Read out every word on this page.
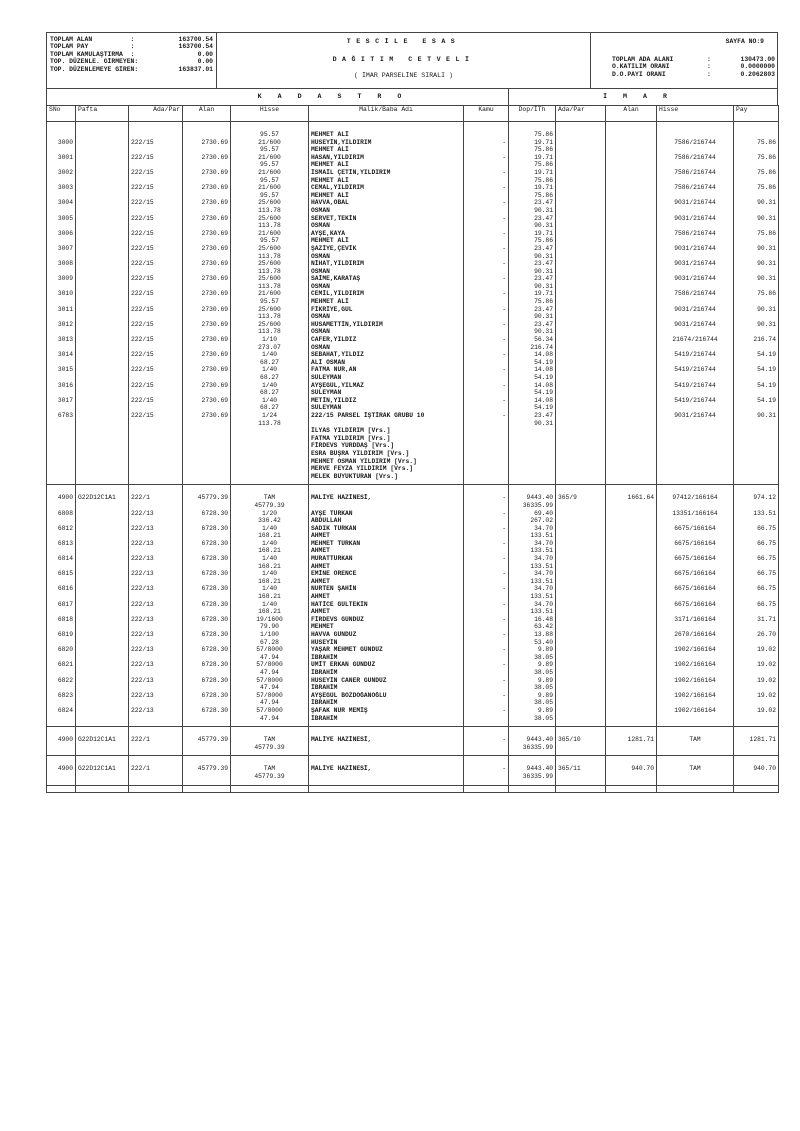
TOPLAM ALAN          :	163700.54
TOPLAM PAY           :	163700.54
TOPLAM KAMULAŞTIRMA  :	0.00
TOP. DÜZENLE. GİRMEYEN:	0.00
TOP. DÜZENLEMEYE GİREN:	163837.01
TESCİLE ESAS
DAĞITIM CETVELİ
( İMAR PARSELİNE SIRALI )
SAYFA NO:9
TOPLAM ADA ALANI	:	130473.00
O.KATILIM ORANI	:	0.0000000
D.O.PAYI ORANI	:	0.2062803
KADASTRO	İMAR
SNo	Pafta	Ada/Par	Alan	Hisse	Malik/Baba Adı	Kamu	Dop/İTh	Ada/Par	Alan	Hisse	Pay
				95.57	MEHMET ALİ		75.86				
3000		222/15	2730.69	21/600	HÜSEYİN,YILDIRIM	-	19.71			7586/216744	75.86
				95.57	MEHMET ALİ		75.86				
3001		222/15	2730.69	21/600	HASAN,YILDIRIM	-	19.71			7586/216744	75.86
				95.57	MEHMET ALİ		75.86				
3002		222/15	2730.69	21/600	İSMAİL ÇETİN,YILDIRIM	-	19.71			7586/216744	75.86
				95.57	MEHMET ALİ		75.86				
3003		222/15	2730.69	21/600	CEMAL,YILDIRIM	-	19.71			7586/216744	75.86
				95.57	MEHMET ALİ		75.86				
3004		222/15	2730.69	25/600	HAVVA,OBAL	-	23.47			9031/216744	90.31
				113.78	OSMAN		90.31				
3005		222/15	2730.69	25/600	SERVET,TEKİN	-	23.47			9031/216744	90.31
				113.78	OSMAN		90.31				
3006		222/15	2730.69	21/600	AYŞE,KAYA	-	19.71			7586/216744	75.86
				95.57	MEHMET ALİ		75.86				
3007		222/15	2730.69	25/600	ŞAZİYE,ÇEVİK	-	23.47			9031/216744	90.31
				113.78	OSMAN		90.31				
3008		222/15	2730.69	25/600	NİHAT,YILDIRIM	-	23.47			9031/216744	90.31
				113.78	OSMAN		90.31				
3009		222/15	2730.69	25/600	SAİME,KARATAŞ	-	23.47			9031/216744	90.31
				113.78	OSMAN		90.31				
3010		222/15	2730.69	21/600	CEMİL,YILDIRIM	-	19.71			7586/216744	75.86
				95.57	MEHMET ALİ		75.86				
3011		222/15	2730.69	25/600	FİKRİYE,GÜL	-	23.47			9031/216744	90.31
				113.78	OSMAN		90.31				
3012		222/15	2730.69	25/600	HÜSAMETTİN,YILDIRIM	-	23.47			9031/216744	90.31
				113.78	OSMAN		90.31				
3013		222/15	2730.69	1/10	CAFER,YILDIZ	-	56.34			21674/216744	216.74
				273.07	OSMAN		216.74				
3014		222/15	2730.69	1/40	SEBAHAT,YILDIZ	-	14.08			5419/216744	54.19
				68.27	ALİ OSMAN		54.19				
3015		222/15	2730.69	1/40	FATMA NUR,AN	-	14.08			5419/216744	54.19
				68.27	SÜLEYMAN		54.19				
3016		222/15	2730.69	1/40	AYŞEGÜL,YILMAZ	-	14.08			5419/216744	54.19
				68.27	SÜLEYMAN		54.19				
3017		222/15	2730.69	1/40	METİN,YILDIZ	-	14.08			5419/216744	54.19
				68.27	SÜLEYMAN		54.19				
6783		222/15	2730.69	1/24	222/15 PARSEL İŞTİRAK GRUBU 10	-	23.47			9031/216744	90.31
				113.78			90.31				

					İLYAS YILDIRIM [Vrs.]						
					FATMA YILDIRIM [Vrs.]						
					FİRDEVS YURDDAŞ [Vrs.]						
					ESRA BÜŞRA YILDIRIM [Vrs.]						
					MEHMET OSMAN YILDIRIM [Vrs.]						
					MERVE FEYZA YILDIRIM [Vrs.]						
					MELEK BÜYÜKTURAN [Vrs.]						

4900	G22D12C1A1	222/1	45779.39	TAM	MALİYE HAZİNESİ,	-	9443.40	365/9	1661.64	97412/166164	974.12
				45779.39			36335.99				
6808		222/13	6728.30	1/20	AYŞE TÜRKAN	-	69.40			13351/166164	133.51
				336.42	ABDULLAH		267.02				
6812		222/13	6728.30	1/40	SADIK TÜRKAN	-	34.70			6675/166164	66.75
				168.21	AHMET		133.51				
6813		222/13	6728.30	1/40	MEHMET TÜRKAN	-	34.70			6675/166164	66.75
				168.21	AHMET		133.51				
6814		222/13	6728.30	1/40	MURATTÜRKAN	-	34.70			6675/166164	66.75
				168.21	AHMET		133.51				
6815		222/13	6728.30	1/40	EMİNE ÖRENCE	-	34.70			6675/166164	66.75
				168.21	AHMET		133.51				
6816		222/13	6728.30	1/40	NURTEN ŞAHİN	-	34.70			6675/166164	66.75
				168.21	AHMET		133.51				
6817		222/13	6728.30	1/40	HATİCE GÜLTEKİN	-	34.70			6675/166164	66.75
				168.21	AHMET		133.51				
6818		222/13	6728.30	19/1600	FİRDEVS GÜNDÜZ	-	16.48			3171/166164	31.71
				79.90	MEHMET		63.42				
6819		222/13	6728.30	1/100	HAVVA GÜNDÜZ	-	13.88			2670/166164	26.70
				67.28	HÜSEYİN		53.40				
6820		222/13	6728.30	57/8000	YAŞAR MEHMET GÜNDÜZ	-	9.89			1902/166164	19.02
				47.94	İBRAHİM		38.05				
6821		222/13	6728.30	57/8000	ÜMİT ERKAN GÜNDÜZ	-	9.89			1902/166164	19.02
				47.94	İBRAHİM		38.05				
6822		222/13	6728.30	57/8000	HÜSEYİN CANER GÜNDÜZ	-	9.89			1902/166164	19.02
				47.94	İBRAHİM		38.05				
6823		222/13	6728.30	57/8000	AYŞEGÜL BOZDOĞANOĞLU	-	9.89			1902/166164	19.02
				47.94	İBRAHİM		38.05				
6824		222/13	6728.30	57/8000	ŞAFAK NUR MEMİŞ	-	9.89			1902/166164	19.02
				47.94	İBRAHİM		38.05				

4900	G22D12C1A1	222/1	45779.39	TAM	MALİYE HAZİNESİ,	-	9443.40	365/10	1281.71	TAM	1281.71
				45779.39			36335.99				

4900	G22D12C1A1	222/1	45779.39	TAM	MALİYE HAZİNESİ,	-	9443.40	365/11	940.70	TAM	940.70
				45779.39			36335.99				
